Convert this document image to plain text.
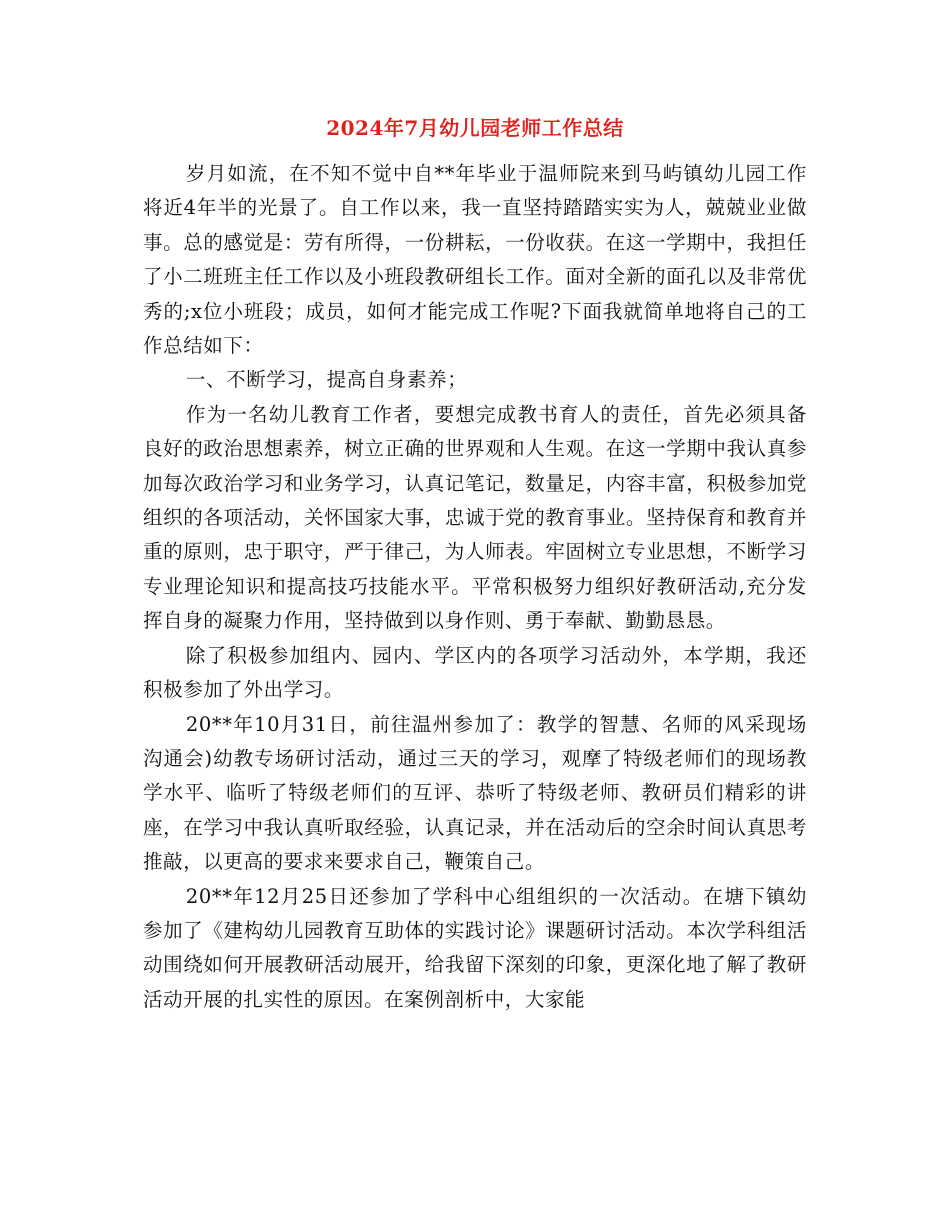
2024年7月幼儿园老师工作总结

岁月如流，在不知不觉中自**年毕业于温师院来到马屿镇幼儿园工作将近4年半的光景了。自工作以来，我一直坚持踏踏实实为人，兢兢业业做事。总的感觉是：劳有所得，一份耕耘，一份收获。在这一学期中，我担任了小二班班主任工作以及小班段教研组长工作。面对全新的面孔以及非常优秀的;x位小班段；成员，如何才能完成工作呢?下面我就简单地将自己的工作总结如下：

一、不断学习，提高自身素养；

作为一名幼儿教育工作者，要想完成教书育人的责任，首先必须具备良好的政治思想素养，树立正确的世界观和人生观。在这一学期中我认真参加每次政治学习和业务学习，认真记笔记，数量足，内容丰富，积极参加党组织的各项活动，关怀国家大事，忠诚于党的教育事业。坚持保育和教育并重的原则，忠于职守，严于律己，为人师表。牢固树立专业思想，不断学习专业理论知识和提高技巧技能水平。平常积极努力组织好教研活动,充分发挥自身的凝聚力作用，坚持做到以身作则、勇于奉献、勤勤恳恳。

除了积极参加组内、园内、学区内的各项学习活动外，本学期，我还积极参加了外出学习。

20**年10月31日，前往温州参加了：教学的智慧、名师的风采现场沟通会)幼教专场研讨活动，通过三天的学习，观摩了特级老师们的现场教学水平、临听了特级老师们的互评、恭听了特级老师、教研员们精彩的讲座，在学习中我认真听取经验，认真记录，并在活动后的空余时间认真思考推敲，以更高的要求来要求自己，鞭策自己。

20**年12月25日还参加了学科中心组组织的一次活动。在塘下镇幼参加了《建构幼儿园教育互助体的实践讨论》课题研讨活动。本次学科组活动围绕如何开展教研活动展开，给我留下深刻的印象，更深化地了解了教研活动开展的扎实性的原因。在案例剖析中，大家能
